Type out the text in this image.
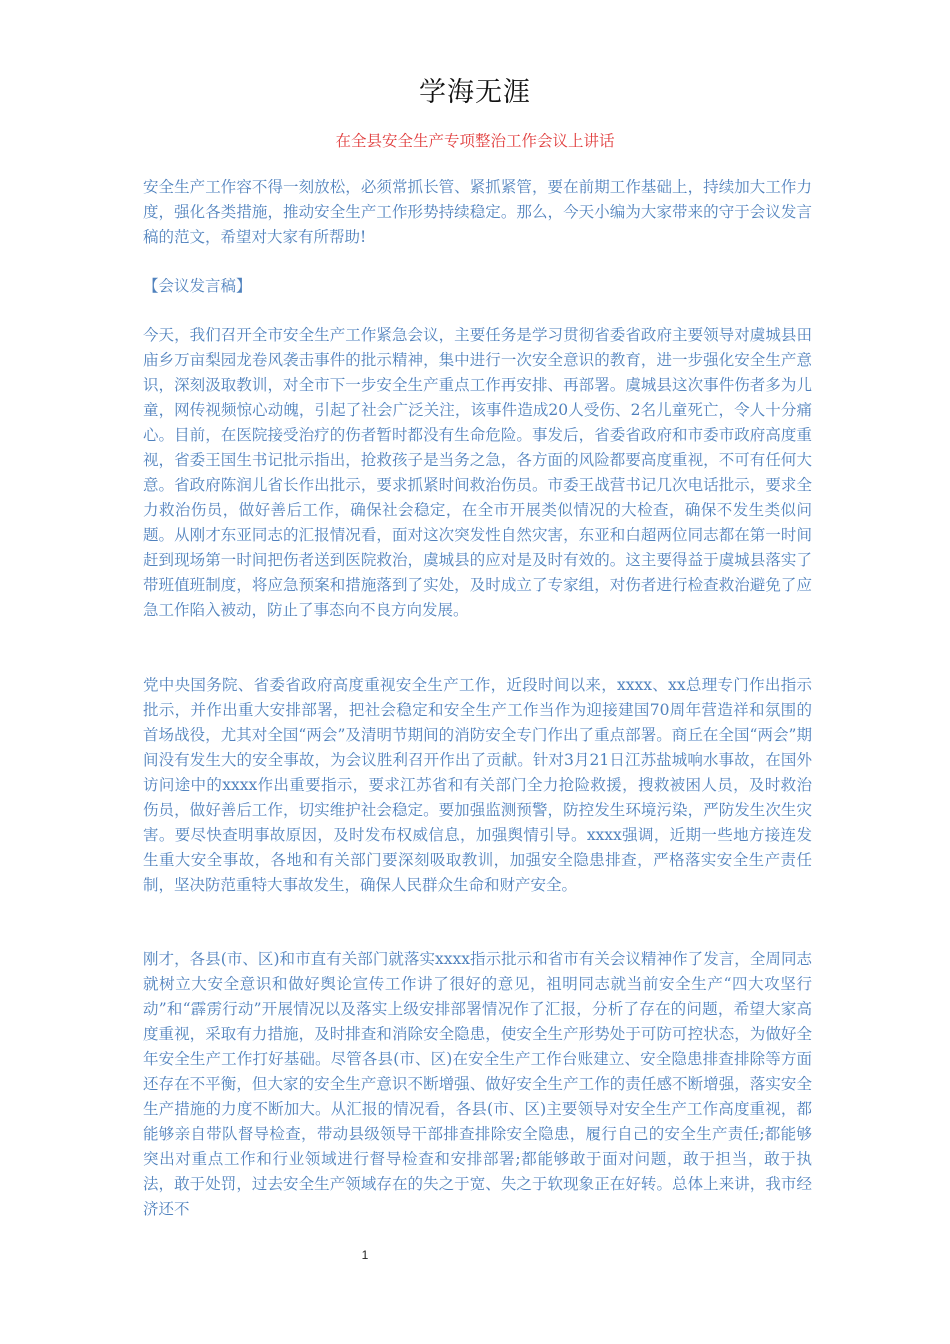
学海无涯
在全县安全生产专项整治工作会议上讲话

安全生产工作容不得一刻放松，必须常抓长管、紧抓紧管，要在前期工作基础上，持续加大工作力度，强化各类措施，推动安全生产工作形势持续稳定。那么，今天小编为大家带来的守于会议发言稿的范文，希望对大家有所帮助!

【会议发言稿】

今天，我们召开全市安全生产工作紧急会议，主要任务是学习贯彻省委省政府主要领导对虞城县田庙乡万亩梨园龙卷风袭击事件的批示精神，集中进行一次安全意识的教育，进一步强化安全生产意识，深刻汲取教训，对全市下一步安全生产重点工作再安排、再部署。虞城县这次事件伤者多为儿童，网传视频惊心动魄，引起了社会广泛关注，该事件造成20人受伤、2名儿童死亡，令人十分痛心。目前，在医院接受治疗的伤者暂时都没有生命危险。事发后，省委省政府和市委市政府高度重视，省委王国生书记批示指出，抢救孩子是当务之急，各方面的风险都要高度重视，不可有任何大意。省政府陈润儿省长作出批示，要求抓紧时间救治伤员。市委王战营书记几次电话批示，要求全力救治伤员，做好善后工作，确保社会稳定，在全市开展类似情况的大检查，确保不发生类似问题。从刚才东亚同志的汇报情况看，面对这次突发性自然灾害，东亚和白超两位同志都在第一时间赶到现场第一时间把伤者送到医院救治，虞城县的应对是及时有效的。这主要得益于虞城县落实了带班值班制度，将应急预案和措施落到了实处，及时成立了专家组，对伤者进行检查救治避免了应急工作陷入被动，防止了事态向不良方向发展。

党中央国务院、省委省政府高度重视安全生产工作，近段时间以来，xxxx、xx总理专门作出指示批示，并作出重大安排部署，把社会稳定和安全生产工作当作为迎接建国70周年营造祥和氛围的首场战役，尤其对全国“两会”及清明节期间的消防安全专门作出了重点部署。商丘在全国“两会”期间没有发生大的安全事故，为会议胜利召开作出了贡献。针对3月21日江苏盐城响水事故，在国外访问途中的xxxx作出重要指示，要求江苏省和有关部门全力抢险救援，搜救被困人员，及时救治伤员，做好善后工作，切实维护社会稳定。要加强监测预警，防控发生环境污染，严防发生次生灾害。要尽快查明事故原因，及时发布权威信息，加强舆情引导。xxxx强调，近期一些地方接连发生重大安全事故，各地和有关部门要深刻吸取教训，加强安全隐患排查，严格落实安全生产责任制，坚决防范重特大事故发生，确保人民群众生命和财产安全。

刚才，各县(市、区)和市直有关部门就落实xxxx指示批示和省市有关会议精神作了发言，全周同志就树立大安全意识和做好舆论宣传工作讲了很好的意见，祖明同志就当前安全生产“四大攻坚行动”和“霹雳行动”开展情况以及落实上级安排部署情况作了汇报，分析了存在的问题，希望大家高度重视，采取有力措施，及时排查和消除安全隐患，使安全生产形势处于可防可控状态，为做好全年安全生产工作打好基础。尽管各县(市、区)在安全生产工作台账建立、安全隐患排查排除等方面还存在不平衡，但大家的安全生产意识不断增强、做好安全生产工作的责任感不断增强，落实安全生产措施的力度不断加大。从汇报的情况看，各县(市、区)主要领导对安全生产工作高度重视，都能够亲自带队督导检查，带动县级领导干部排查排除安全隐患，履行自己的安全生产责任;都能够突出对重点工作和行业领域进行督导检查和安排部署;都能够敢于面对问题，敢于担当，敢于执法，敢于处罚，过去安全生产领域存在的失之于宽、失之于软现象正在好转。总体上来讲，我市经济还不

1
